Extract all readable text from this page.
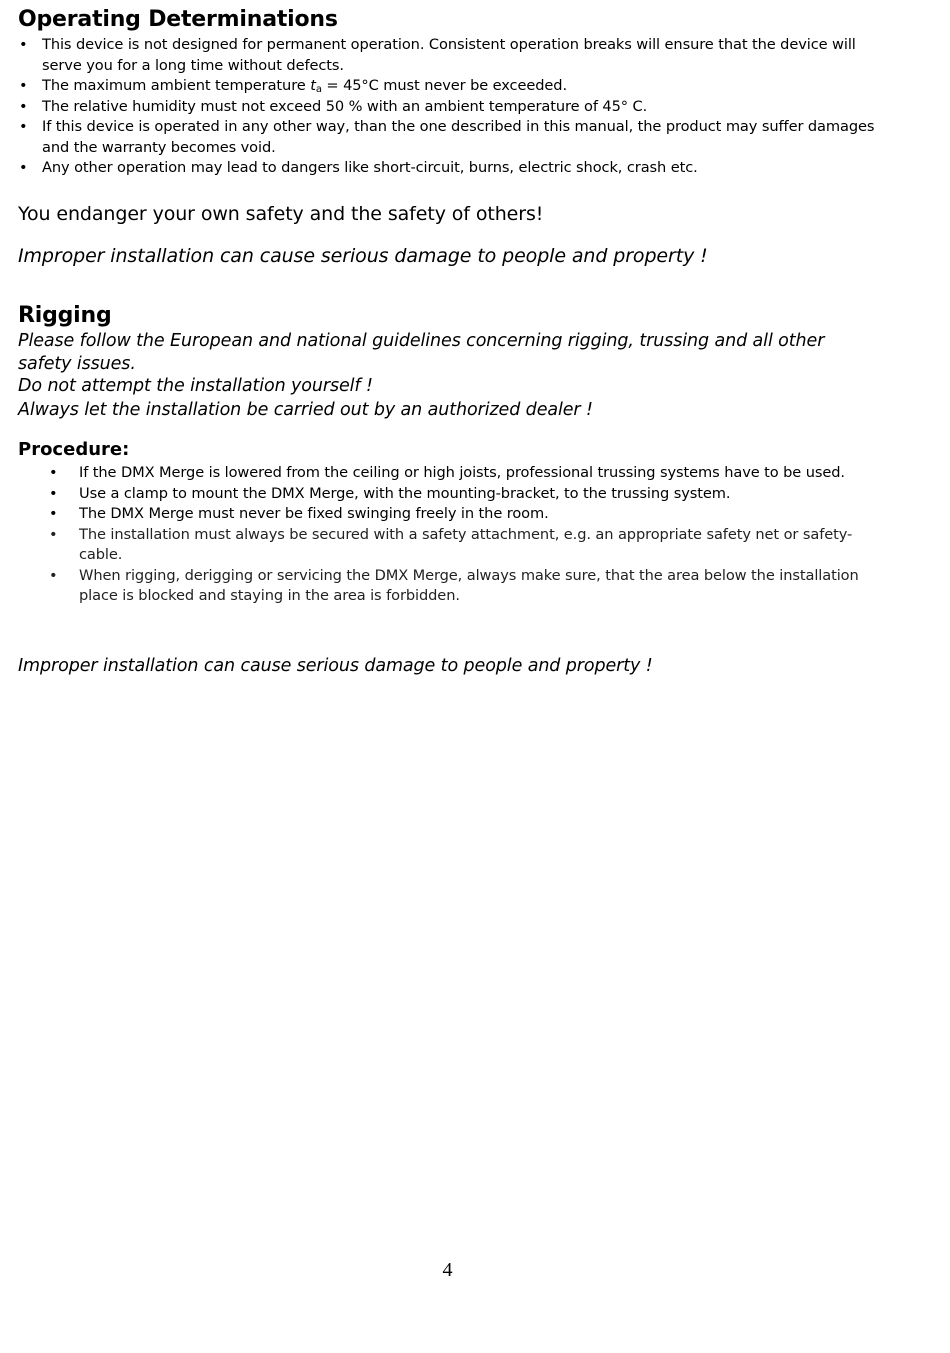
Operating Determinations
• This device is not designed for permanent operation. Consistent operation breaks will ensure that the device will serve you for a long time without defects.
• The maximum ambient temperature $t_a = 45^\circ C$ must never be exceeded.
• The relative humidity must not exceed 50 % with an ambient temperature of 45° C.
• If this device is operated in any other way, than the one described in this manual, the product may suffer damages and the warranty becomes void.
• Any other operation may lead to dangers like short-circuit, burns, electric shock, crash etc.

You endanger your own safety and the safety of others!

Improper installation can cause serious damage to people and property !

Rigging

Please follow the European and national guidelines concerning rigging, trussing and all other safety issues.

Do not attempt the installation yourself !

Always let the installation be carried out by an authorized dealer !

Procedure:
• If the DMX Merge is lowered from the ceiling or high joists, professional trussing systems have to be used.
• Use a clamp to mount the DMX Merge, with the mounting-bracket, to the trussing system.
• The DMX Merge must never be fixed swinging freely in the room.
• The installation must always be secured with a safety attachment, e.g. an appropriate safety net or safety-cable.
• When rigging, derigging or servicing the DMX Merge, always make sure, that the area below the installation place is blocked and staying in the area is forbidden.

Improper installation can cause serious damage to people and property !

4
